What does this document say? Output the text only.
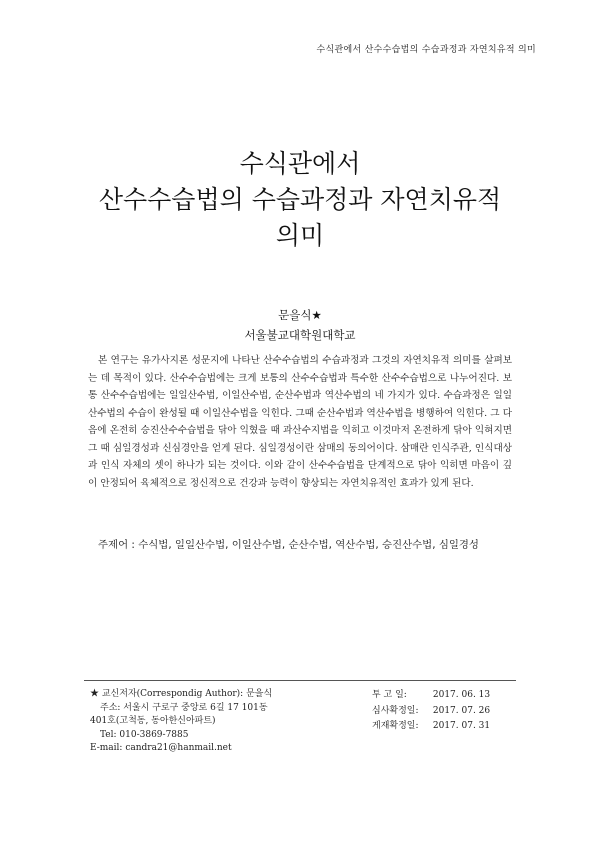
수식관에서 산수수습법의 수습과정과 자연치유적 의미
수식관에서
산수수습법의 수습과정과 자연치유적
의미
문을식★
서울불교대학원대학교
본 연구는 유가사지론 성문지에 나타난 산수수습법의 수습과정과 그것의 자연치유적 의미를 살펴보는 데 목적이 있다. 산수수습법에는 크게 보통의 산수수습법과 특수한 산수수습법으로 나누어진다. 보통 산수수습법에는 일일산수법, 이일산수법, 순산수법과 역산수법의 네 가지가 있다. 수습과정은 일일산수법의 수습이 완성될 때 이일산수법을 익힌다. 그때 순산수법과 역산수법을 병행하여 익힌다. 그 다음에 온전히 승진산수수습법을 닦아 익혔을 때 과산수지법을 익히고 이것마저 온전하게 닦아 익혀지면 그 때 심일경성과 신심경안을 얻게 된다. 심일경성이란 삼매의 동의어이다. 삼매란 인식주관, 인식대상과 인식 자체의 셋이 하나가 되는 것이다. 이와 같이 산수수습법을 단계적으로 닦아 익히면 마음이 깊이 안정되어 육체적으로 정신적으로 건강과 능력이 향상되는 자연치유적인 효과가 있게 된다.
주제어 : 수식법, 일일산수법, 이일산수법, 순산수법, 역산수법, 승진산수법, 심일경성
★ 교신저자(Correspondig Author): 문을식
주소: 서울시 구로구 중앙로 6길 17 101동
401호(고척동, 동아한신아파트)
Tel: 010-3869-7885
E-mail: candra21@hanmail.net
투 고 일:	2017. 06. 13
심사확정일: 2017. 07. 26
게재확정일: 2017. 07. 31
